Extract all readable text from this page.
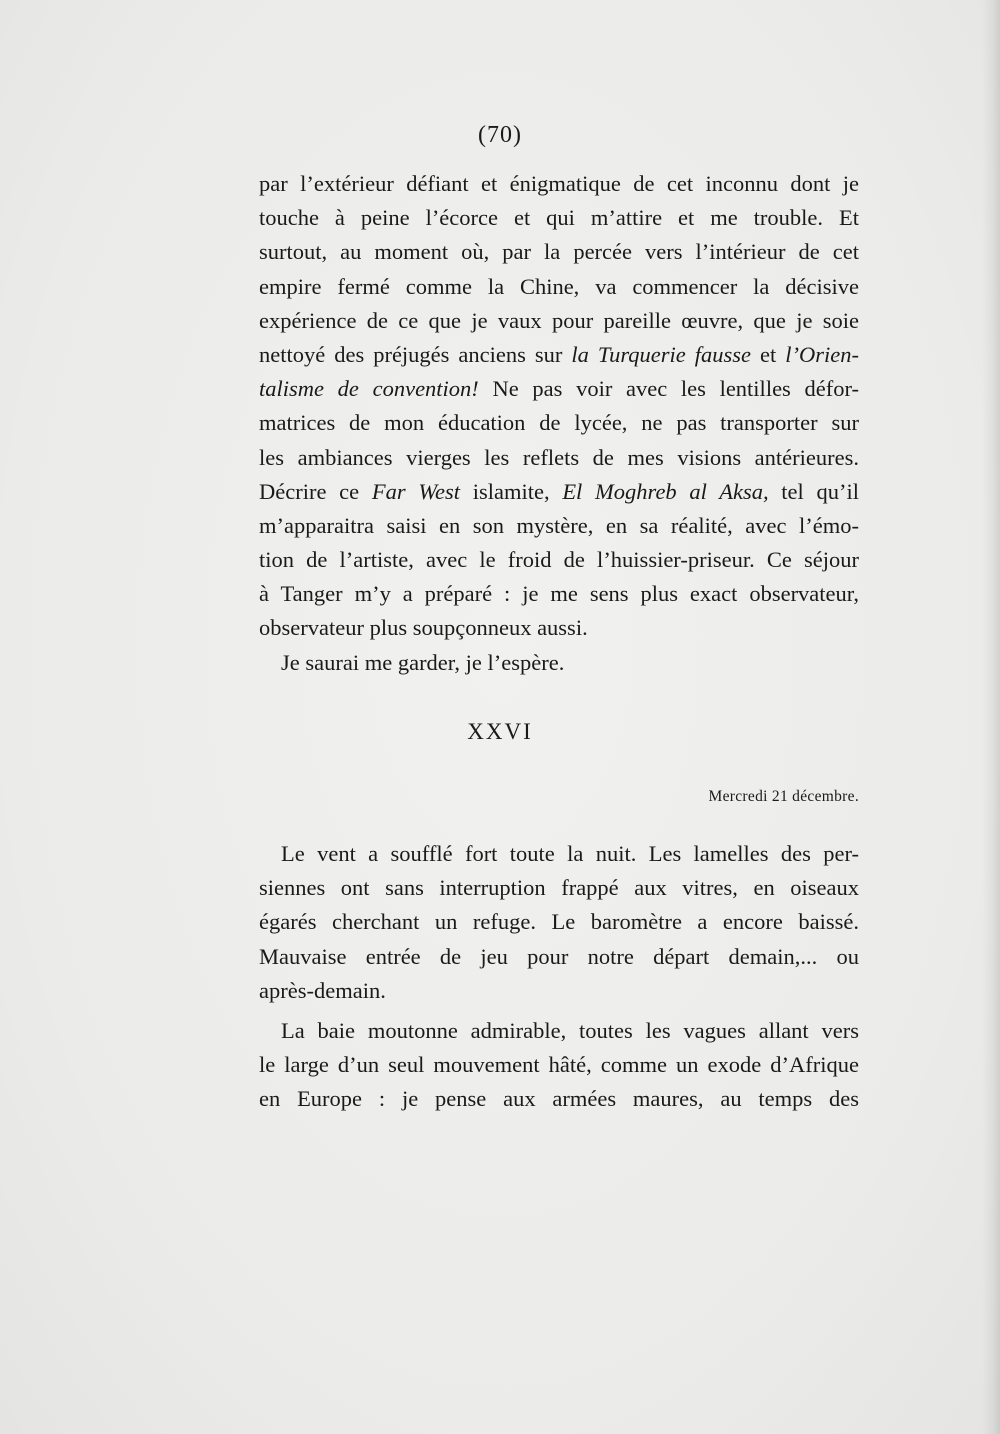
(70)
par l’extérieur défiant et énigmatique de cet inconnu dont je
touche à peine l’écorce et qui m’attire et me trouble. Et
surtout, au moment où, par la percée vers l’intérieur de cet
empire fermé comme la Chine, va commencer la décisive
expérience de ce que je vaux pour pareille œuvre, que je soie
nettoyé des préjugés anciens sur la Turquerie fausse et l’Orien-
talisme de convention! Ne pas voir avec les lentilles défor-
matrices de mon éducation de lycée, ne pas transporter sur
les ambiances vierges les reflets de mes visions antérieures.
Décrire ce Far West islamite, El Moghreb al Aksa, tel qu’il
m’apparaitra saisi en son mystère, en sa réalité, avec l’émo-
tion de l’artiste, avec le froid de l’huissier-priseur. Ce séjour
à Tanger m’y a préparé : je me sens plus exact observateur,
observateur plus soupçonneux aussi.
Je saurai me garder, je l’espère.
XXVI
Mercredi 21 décembre.
Le vent a soufflé fort toute la nuit. Les lamelles des per-
siennes ont sans interruption frappé aux vitres, en oiseaux
égarés cherchant un refuge. Le baromètre a encore baissé.
Mauvaise entrée de jeu pour notre départ demain,... ou
après-demain.
La baie moutonne admirable, toutes les vagues allant vers
le large d’un seul mouvement hâté, comme un exode d’Afrique
en Europe : je pense aux armées maures, au temps des
